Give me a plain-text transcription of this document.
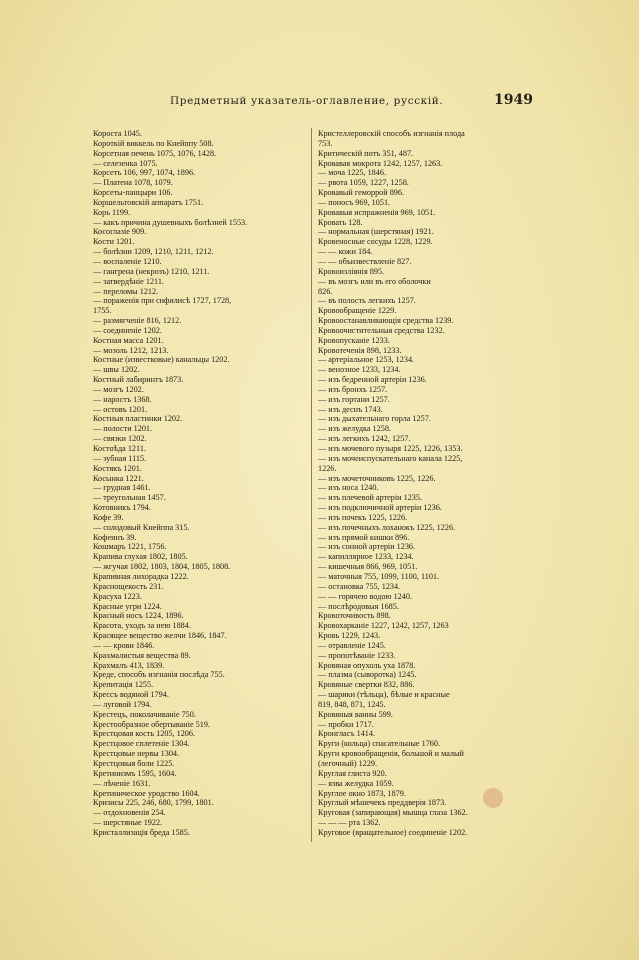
Предметный указатель-оглавление, русскій.	1949
Короста 1045.
Короткій виккель по Кнейппу 508.
Корсетная печень 1075, 1076, 1428.
— селезенка 1075.
Корсетъ 106, 997, 1074, 1896.
— Платена 1078, 1079.
Корсеты-панцыри 106.
Коршельтовскій аппаратъ 1751.
Корь 1199.
— какъ причина душевныхъ болѣзней 1553.
Косоглазіе 909.
Кости 1201.
— болѣзни 1209, 1210, 1211, 1212.
— воспаленіе 1210.
— гангрена (некрозъ) 1210, 1211.
— затвердѣніе 1211.
— переломы 1212.
— пораженія при сифилисѣ 1727, 1728,
1755.
— размягченіе 816, 1212.
— соединеніе 1202.
Костная масса 1201.
— мозоль 1212, 1213.
Костные (известковые) канальцы 1202.
— швы 1202.
Костный лабиринтъ 1873.
— мозгъ 1202.
— наростъ 1368.
— остовъ 1201.
Костныя пластинки 1202.
— полости 1201.
— связки 1202.
Костоѣда 1211.
— зубная 1115.
Костякъ 1201.
Косынка 1221.
— грудная 1461.
— треугольная 1457.
Котовникъ 1794.
Кофе 39.
— солодовый Кнейппа 315.
Кофеинъ 39.
Кошмаръ 1221, 1756.
Крапива глухая 1802, 1805.
— жгучая 1802, 1803, 1804, 1805, 1808.
Крапивная лихорадка 1222.
Краснощекость 231.
Красуха 1223.
Красные угри 1224.
Красный носъ 1224, 1896.
Красота, уходъ за нею 1884.
Красящее вещество желчи 1846, 1847.
— — крови 1846.
Крахмалистыя вещества 89.
Крахмалъ 413, 1839.
Креде, способъ изгнанія послѣда 755.
Крепитація 1255.
Крессъ водяной 1794.
— луговой 1794.
Крестецъ, поколачиваніе 750.
Крестообразное обертываніе 519.
Крестцовая кость 1205, 1206.
Крестцовое сплетеніе 1304.
Крестцовые нервы 1304.
Крестцовыя боли 1225.
Кретинизмъ 1595, 1604.
— лѣченіе 1631.
Кретиническое уродство 1604.
Кризисы 225, 246, 680, 1799, 1801.
— отдохновенія 254.
— шерстяные 1922.
Кристаллизація бреда 1585.
Кристеллеровскій способъ изгнанія плода
753.
Критическій потъ 351, 487.
Кровавая мокрота 1242, 1257, 1263.
— моча 1225, 1846.
— рвота 1059, 1227, 1258.
Кровавый геморрой 896.
— поносъ 969, 1051.
Кровавыя испражненія 969, 1051.
Кровать 128.
— нормальная (шерстяная) 1921.
Кровеносные сосуды 1228, 1229.
— — кожи 184.
— — объизвествленіе 827.
Кровоизліянія 895.
— въ мозгъ или въ его оболочки
826.
— въ полость легкихъ 1257.
Кровообращеніе 1229.
Кровоостанавливающія средства 1239.
Кровоочистительныя средства 1232.
Кровопусканіе 1233.
Кровотеченія 898, 1233.
— артеріальное 1253, 1234.
— венозное 1233, 1234.
— изъ бедренной артеріи 1236.
— изъ бронхъ 1257.
— изъ гортани 1257.
— изъ деснъ 1743.
— изъ дыхательнаго горла 1257.
— изъ желудка 1258.
— изъ легкихъ 1242, 1257.
— изъ мочевого пузыря 1225, 1226, 1353.
— изъ мочеиспускательнаго канала 1225,
1226.
— изъ мочеточниковъ 1225, 1226.
— изъ носа 1240.
— изъ плечевой артеріи 1235.
— изъ подключичной артеріи 1236.
— изъ почекъ 1225, 1226.
— изъ почечныхъ лоханокъ 1225, 1226.
— изъ прямой кишки 896.
— изъ сонной артеріи 1236.
— капиллярное 1233, 1234.
— кишечныя 866, 969, 1051.
— маточныя 755, 1099, 1100, 1101.
— остановка 755, 1234.
— — горячею водою 1240.
— послѣродовыя 1685.
Кровоточивость 898.
Кровохарканіе 1227, 1242, 1257, 1263
Кровь 1229, 1243.
— отравленіе 1245.
— пропотѣваніе 1233.
Кровяная опухоль уха 1878.
— плазма (сыворотка) 1245.
Кровяные свертки 832, 886.
— шарики (тѣльца), бѣлые и красные
819, 848, 871, 1245.
Кровяныя ванны 599.
— пробки 1717.
Кронгласъ 1414.
Круги (кольца) спасательные 1760.
Круги кровообращенія, большой и малый
(легочный) 1229.
Круглая глиста 920.
— язва желудка 1059.
Круглое окно 1873, 1879.
Круглый мѣшечекъ преддверія 1873.
Круговая (запирающая) мышца глаза 1362.
— — — рта 1362.
Круговое (вращательное) соединеніе 1202.
